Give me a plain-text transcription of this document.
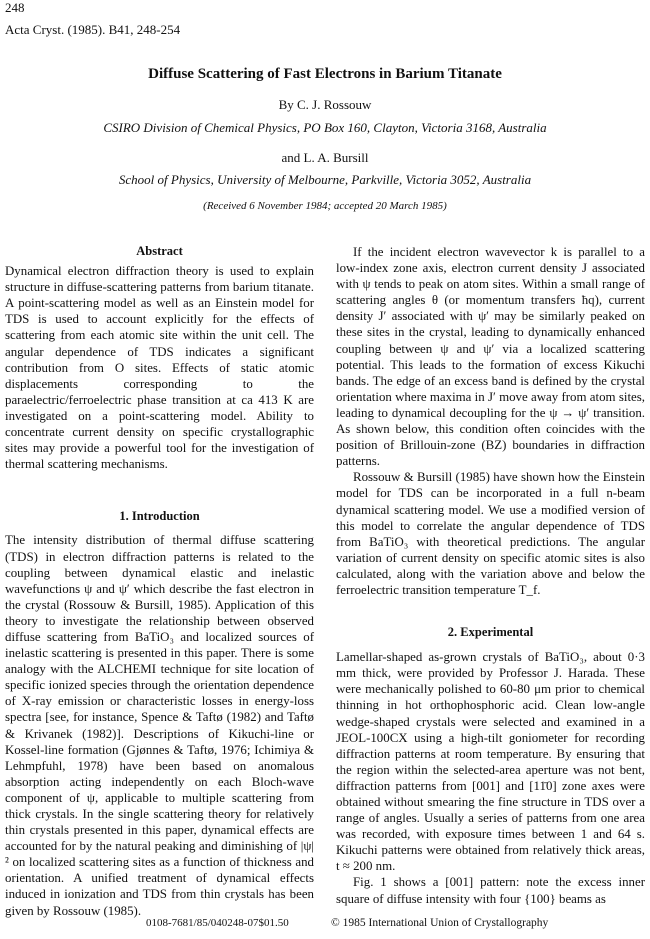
248
Acta Cryst. (1985). B41, 248-254
Diffuse Scattering of Fast Electrons in Barium Titanate
By C. J. Rossouw
CSIRO Division of Chemical Physics, PO Box 160, Clayton, Victoria 3168, Australia
and L. A. Bursill
School of Physics, University of Melbourne, Parkville, Victoria 3052, Australia
(Received 6 November 1984; accepted 20 March 1985)

Abstract

Dynamical electron diffraction theory is used to explain structure in diffuse-scattering patterns from barium titanate. A point-scattering model as well as an Einstein model for TDS is used to account explicitly for the effects of scattering from each atomic site within the unit cell. The angular dependence of TDS indicates a significant contribution from O sites. Effects of static atomic displacements corresponding to the paraelectric/ferroelectric phase transition at ca 413 K are investigated on a point-scattering model. Ability to concentrate current density on specific crystallographic sites may provide a powerful tool for the investigation of thermal scattering mechanisms.

1. Introduction

The intensity distribution of thermal diffuse scattering (TDS) in electron diffraction patterns is related to the coupling between dynamical elastic and inelastic wavefunctions ψ and ψ′ which describe the fast electron in the crystal (Rossouw & Bursill, 1985). Application of this theory to investigate the relationship between observed diffuse scattering from BaTiO₃ and localized sources of inelastic scattering is presented in this paper. There is some analogy with the ALCHEMI technique for site location of specific ionized species through the orientation dependence of X-ray emission or characteristic losses in energy-loss spectra [see, for instance, Spence & Taftø (1982) and Taftø & Krivanek (1982)]. Descriptions of Kikuchi-line or Kossel-line formation (Gjønnes & Taftø, 1976; Ichimiya & Lehmpfuhl, 1978) have been based on anomalous absorption acting independently on each Bloch-wave component of ψ, applicable to multiple scattering from thick crystals. In the single scattering theory for relatively thin crystals presented in this paper, dynamical effects are accounted for by the natural peaking and diminishing of |ψ|² on localized scattering sites as a function of thickness and orientation. A unified treatment of dynamical effects induced in ionization and TDS from thin crystals has been given by Rossouw (1985).

If the incident electron wavevector k is parallel to a low-index zone axis, electron current density J associated with ψ tends to peak on atom sites. Within a small range of scattering angles θ (or momentum transfers ħq), current density J′ associated with ψ′ may be similarly peaked on these sites in the crystal, leading to dynamically enhanced coupling between ψ and ψ′ via a localized scattering potential. This leads to the formation of excess Kikuchi bands. The edge of an excess band is defined by the crystal orientation where maxima in J′ move away from atom sites, leading to dynamical decoupling for the ψ → ψ′ transition. As shown below, this condition often coincides with the position of Brillouin-zone (BZ) boundaries in diffraction patterns.

Rossouw & Bursill (1985) have shown how the Einstein model for TDS can be incorporated in a full n-beam dynamical scattering model. We use a modified version of this model to correlate the angular dependence of TDS from BaTiO₃ with theoretical predictions. The angular variation of current density on specific atomic sites is also calculated, along with the variation above and below the ferroelectric transition temperature T_f.

2. Experimental

Lamellar-shaped as-grown crystals of BaTiO₃, about 0·3 mm thick, were provided by Professor J. Harada. These were mechanically polished to 60-80 μm prior to chemical thinning in hot orthophosphoric acid. Clean low-angle wedge-shaped crystals were selected and examined in a JEOL-100CX using a high-tilt goniometer for recording diffraction patterns at room temperature. By ensuring that the region within the selected-area aperture was not bent, diffraction patterns from [001] and [11̄0] zone axes were obtained without smearing the fine structure in TDS over a range of angles. Usually a series of patterns from one area was recorded, with exposure times between 1 and 64 s. Kikuchi patterns were obtained from relatively thick areas, t ≈ 200 nm.

Fig. 1 shows a [001] pattern: note the excess inner square of diffuse intensity with four {100} beams as

0108-7681/85/040248-07$01.50	© 1985 International Union of Crystallography
